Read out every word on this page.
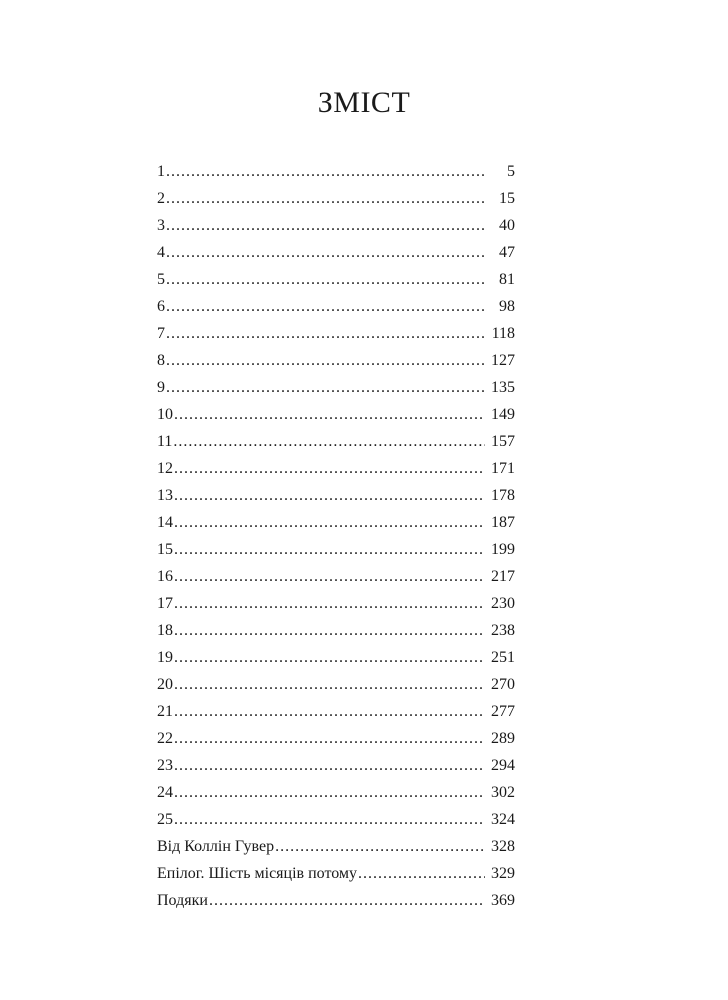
ЗМІСТ
1 .....	5
2 .....	15
3 .....	40
4 .....	47
5 .....	81
6 .....	98
7 .....	118
8 .....	127
9 .....	135
10 .....	149
11 .....	157
12 .....	171
13 .....	178
14 .....	187
15 .....	199
16 .....	217
17 .....	230
18 .....	238
19 .....	251
20 .....	270
21 .....	277
22 .....	289
23 .....	294
24 .....	302
25 .....	324
Від Коллін Гувер .....	328
Епілог. Шість місяців потому .....	329
Подяки .....	369
